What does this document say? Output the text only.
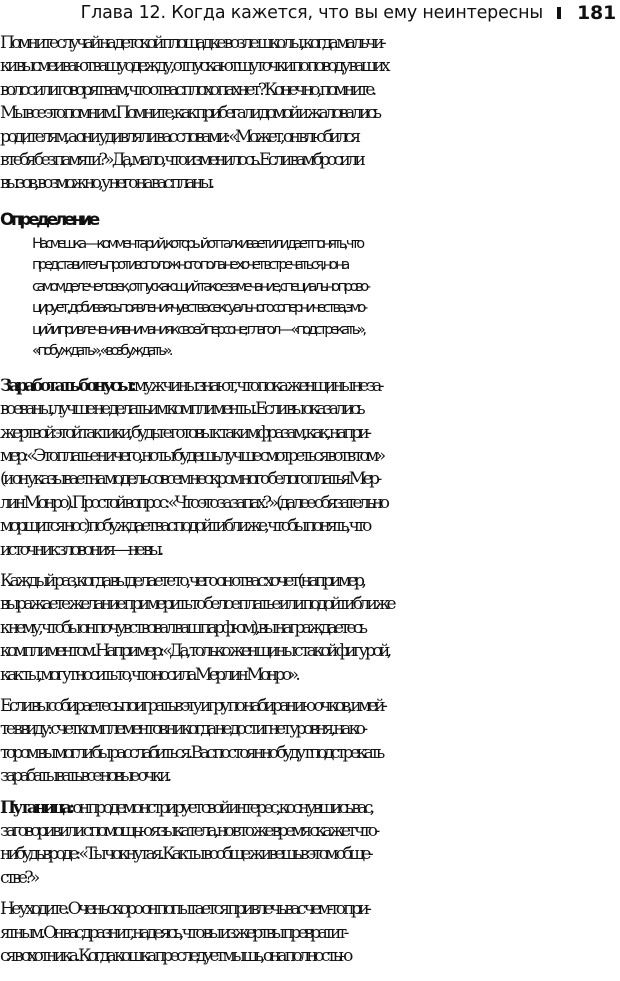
Глава 12. Когда кажется, что вы ему неинтересны 181
Помните случай на детской площадке возле школы, когда мальчи-
ки высмеивают вашу одежду, отпускают шуточки по поводу ваших
волос или говорят вам, что от вас плохо пахнет? Конечно, помните.
Мы все это помним. Помните, как прибегали домой и жаловались
родителям, а они удивляли вас словами: «Может, он влюбился
в тебя без памяти?» Да, мало, что изменилось. Если вам бросили
вызов, возможно, у него на вас планы.
Определение
Насмешка — комментарий, который отталкивает или дает понять, что
представитель противоположного пола не хочет встречаться, но на
самом деле человек, отпускающий такое замечание, специально прово-
цирует, добиваясь появления чувства сексуального соперничества, эмо-
ций и привлечения внимания к своей персоне; глагол — «подстрекать»,
«побуждать», «возбуждать».
Заработать бонусы: мужчины знают, что пока женщины не за-
воеваны, лучше не делать им комплименты. Если вы оказались
жертвой этой тактики, будьте готовы к таким фразам, как, напри-
мер: «Это платье ничего, но ты будешь лучше смотреться вот в том»
(и он указывает на модель совсем нескромного белого платья Мер-
лин Монро). Простой вопрос: «Что это за запах?» (далее обязательно
морщится нос) побуждает вас подойти ближе, чтобы понять, что
источник зловония — не вы.
Каждый раз, когда вы делаете то, чего он от вас хочет (например,
выражаете желание примерить то белое платье или подойти ближе
к нему, чтобы он почувствовал ваш парфюм), вы награждаетесь
комплиментом. Например: «Да, только женщины с такой фигурой,
как ты, могут носить то, что носила Мерлин Монро».
Если вы собираетесь поиграть в эту игру по набиранию очков, имей-
те в виду: счет комплементов никогда не достигнет уровня, на ко-
тором вы могли бы расслабиться. Вас постоянно будут подстрекать
зарабатывать все новые очки.
Путаница: он продемонстрирует свой интерес, коснувшись вас,
заговорив или с помощью языка тела, но в то же время скажет что-
нибудь вроде: «Ты чокнутая. Как ты вообще живешь в этом обще-
стве?»
Не уходите. Очень скоро он попытается привлечь вас чем-то при-
ятным. Он вас дразнит, надеясь, что вы из жертвы превратит-
ся в охотника. Когда кошка преследует мышь, она полностью
